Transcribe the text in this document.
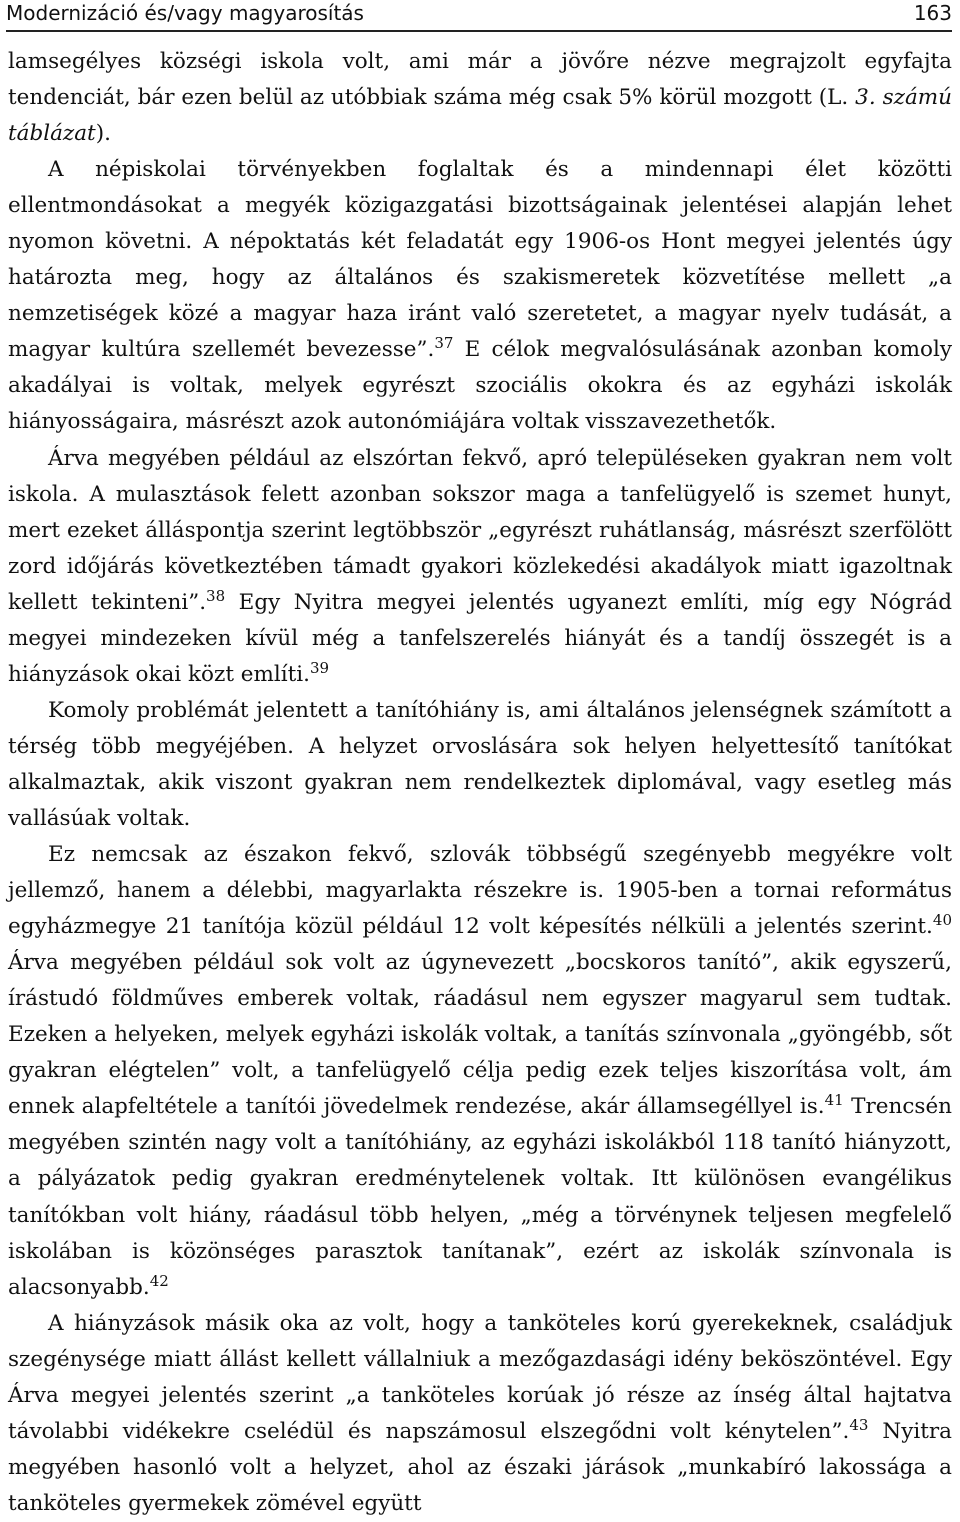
Modernizáció és/vagy magyarosítás	163

lamsegélyes községi iskola volt, ami már a jövőre nézve megrajzolt egyfajta tendenciát, bár ezen belül az utóbbiak száma még csak 5% körül mozgott (L. 3. számú táblázat).

A népiskolai törvényekben foglaltak és a mindennapi élet közötti ellentmondásokat a megyék közigazgatási bizottságainak jelentései alapján lehet nyomon követni. A népoktatás két feladatát egy 1906-os Hont megyei jelentés úgy határozta meg, hogy az általános és szakismeretek közvetítése mellett „a nemzetiségek közé a magyar haza iránt való szeretetet, a magyar nyelv tudását, a magyar kultúra szellemét bevezesse”.$^{37}$ E célok megvalósulásának azonban komoly akadályai is voltak, melyek egyrészt szociális okokra és az egyházi iskolák hiányosságaira, másrészt azok autonómiájára voltak visszavezethetők.

Árva megyében például az elszórtan fekvő, apró településeken gyakran nem volt iskola. A mulasztások felett azonban sokszor maga a tanfelügyelő is szemet hunyt, mert ezeket álláspontja szerint legtöbbször „egyrészt ruhátlanság, másrészt szerfölött zord időjárás következtében támadt gyakori közlekedési akadályok miatt igazoltnak kellett tekinteni”.$^{38}$ Egy Nyitra megyei jelentés ugyanezt említi, míg egy Nógrád megyei mindezeken kívül még a tanfelszerelés hiányát és a tandíj összegét is a hiányzások okai közt említi.$^{39}$

Komoly problémát jelentett a tanítóhiány is, ami általános jelenségnek számított a térség több megyéjében. A helyzet orvoslására sok helyen helyettesítő tanítókat alkalmaztak, akik viszont gyakran nem rendelkeztek diplomával, vagy esetleg más vallásúak voltak.

Ez nemcsak az északon fekvő, szlovák többségű szegényebb megyékre volt jellemző, hanem a délebbi, magyarlakta részekre is. 1905-ben a tornai református egyházmegye 21 tanítója közül például 12 volt képesítés nélküli a jelentés szerint.$^{40}$ Árva megyében például sok volt az úgynevezett „bocskoros tanító”, akik egyszerű, írástudó földműves emberek voltak, ráadásul nem egyszer magyarul sem tudtak. Ezeken a helyeken, melyek egyházi iskolák voltak, a tanítás színvonala „gyöngébb, sőt gyakran elégtelen” volt, a tanfelügyelő célja pedig ezek teljes kiszorítása volt, ám ennek alapfeltétele a tanítói jövedelmek rendezése, akár államsegéllyel is.$^{41}$ Trencsén megyében szintén nagy volt a tanítóhiány, az egyházi iskolákból 118 tanító hiányzott, a pályázatok pedig gyakran eredménytelenek voltak. Itt különösen evangélikus tanítókban volt hiány, ráadásul több helyen, „még a törvénynek teljesen megfelelő iskolában is közönséges parasztok tanítanak”, ezért az iskolák színvonala is alacsonyabb.$^{42}$

A hiányzások másik oka az volt, hogy a tanköteles korú gyerekeknek, családjuk szegénysége miatt állást kellett vállalniuk a mezőgazdasági idény beköszöntével. Egy Árva megyei jelentés szerint „a tanköteles korúak jó része az ínség által hajtatva távolabbi vidékekre cselédül és napszámosul elszegődni volt kénytelen”.$^{43}$ Nyitra megyében hasonló volt a helyzet, ahol az északi járások „munkabíró lakossága a tanköteles gyermekek zömével együtt
